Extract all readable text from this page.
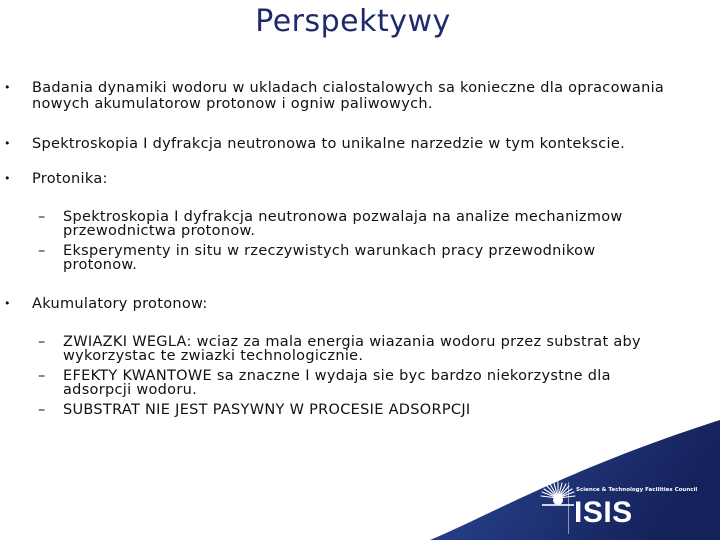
Perspektywy
• Badania dynamiki wodoru w ukladach cialostalowych sa konieczne dla opracowania
nowych akumulatorow protonow i ogniw paliwowych.
• Spektroskopia I dyfrakcja neutronowa to unikalne narzedzie w tym kontekscie.
• Protonika:
– Spektroskopia I dyfrakcja neutronowa pozwalaja na analize mechanizmow
przewodnictwa protonow.
– Eksperymenty in situ w rzeczywistych warunkach pracy przewodnikow
protonow.
• Akumulatory protonow:
– ZWIAZKI WEGLA: wciaz za mala energia wiazania wodoru przez substrat aby
wykorzystac te zwiazki technologicznie.
– EFEKTY KWANTOWE sa znaczne I wydaja sie byc bardzo niekorzystne dla
adsorpcji wodoru.
– SUBSTRAT NIE JEST PASYWNY W PROCESIE ADSORPCJI
Science & Technology Facilities Council
ISIS
